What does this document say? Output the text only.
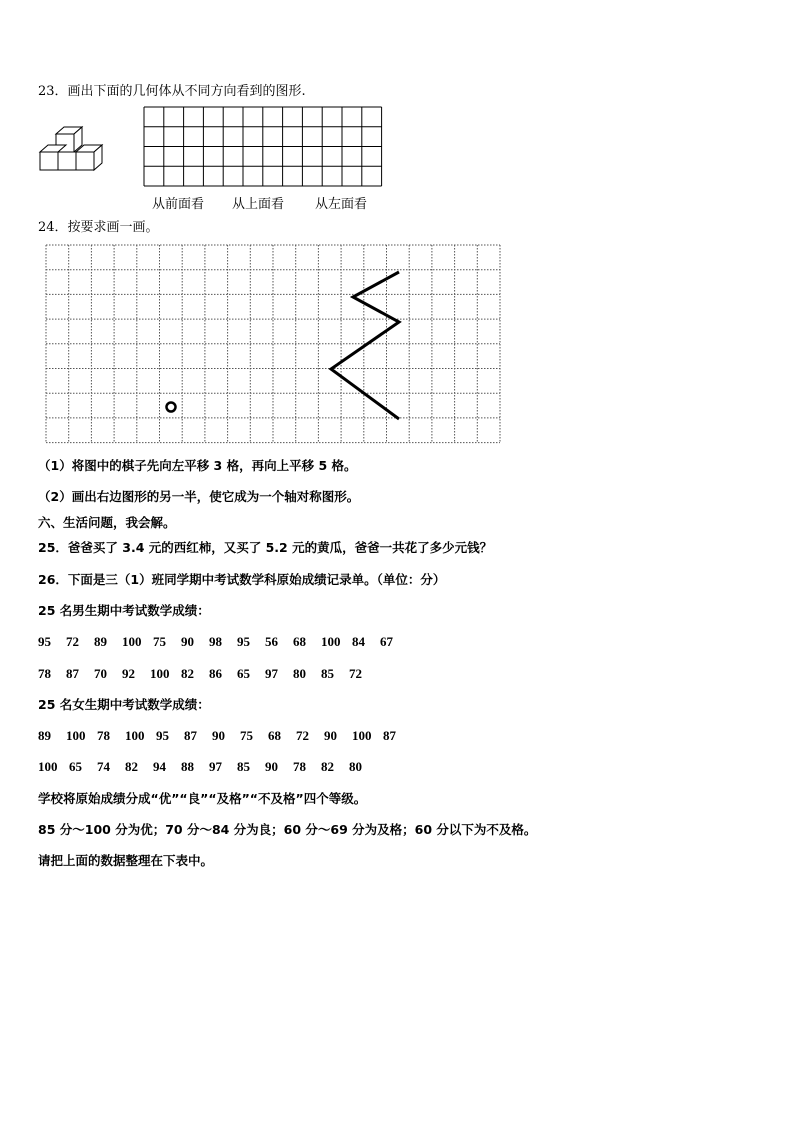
23．画出下面的几何体从不同方向看到的图形.
从前面看 从上面看 从左面看
24．按要求画一画。
（1）将图中的棋子先向左平移 3 格，再向上平移 5 格。
（2）画出右边图形的另一半，使它成为一个轴对称图形。
六、生活问题，我会解。
25．爸爸买了 3.4 元的西红柿，又买了 5.2 元的黄瓜，爸爸一共花了多少元钱？
26．下面是三（1）班同学期中考试数学科原始成绩记录单。（单位：分）
25 名男生期中考试数学成绩：
95	72	89	100 75	90	98	95	56	68	100 84	67
78	87	70	92	100 82	86	65	97	80	85	72
25 名女生期中考试数学成绩：
89	100 78	100 95	87	90	75	68	72	90	100 87
100 65	74	82	94	88	97	85	90	78	82	80
学校将原始成绩分成“优”“良”“及格”“不及格”四个等级。
85 分～100 分为优；70 分～84 分为良；60 分～69 分为及格；60 分以下为不及格。
请把上面的数据整理在下表中。
